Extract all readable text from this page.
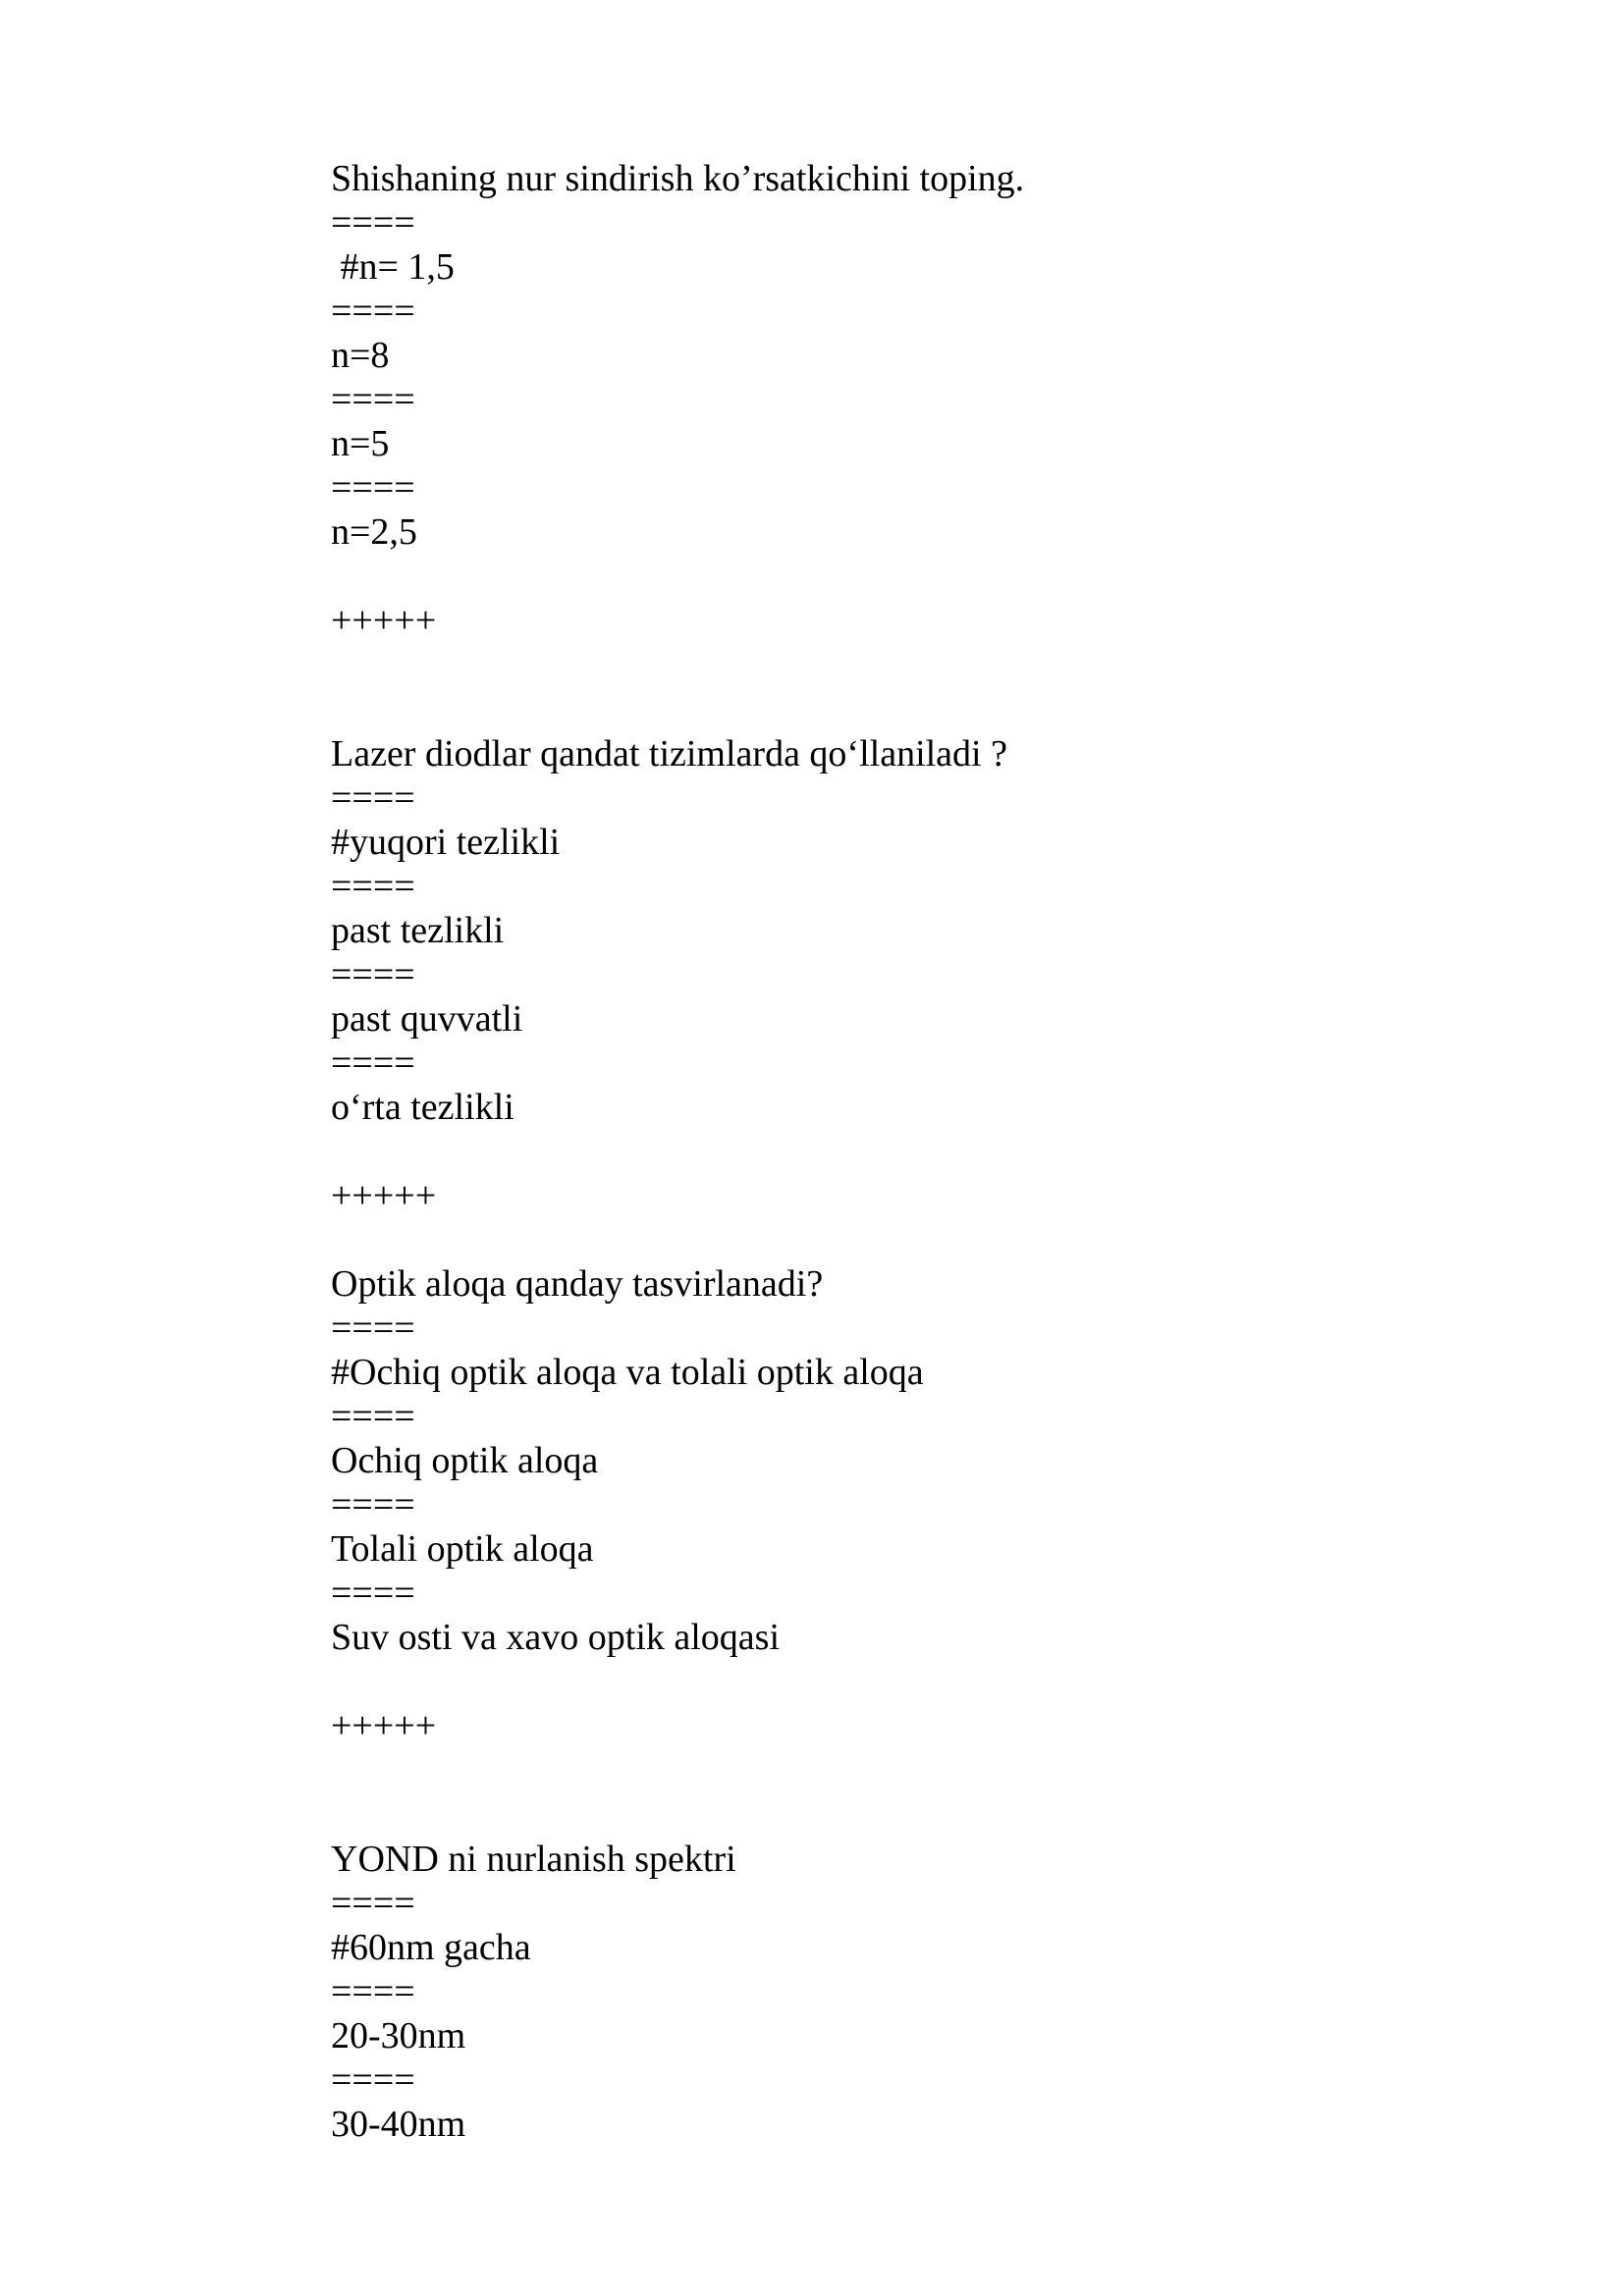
Shishaning nur sindirish ko’rsatkichini toping.
====
#n= 1,5
====
n=8
====
n=5
====
n=2,5
+++++
Lazer diodlar qandat tizimlarda qo‘llaniladi ?
====
#yuqori tezlikli
====
past tezlikli
====
past quvvatli
====
o‘rta tezlikli
+++++
Optik aloqa qanday tasvirlanadi?
====
#Ochiq optik aloqa va tolali optik aloqa
====
Ochiq optik aloqa
====
Tolali optik aloqa
====
Suv osti va xavo optik aloqasi
+++++
YOND ni nurlanish spektri
====
#60nm gacha
====
20-30nm
====
30-40nm
